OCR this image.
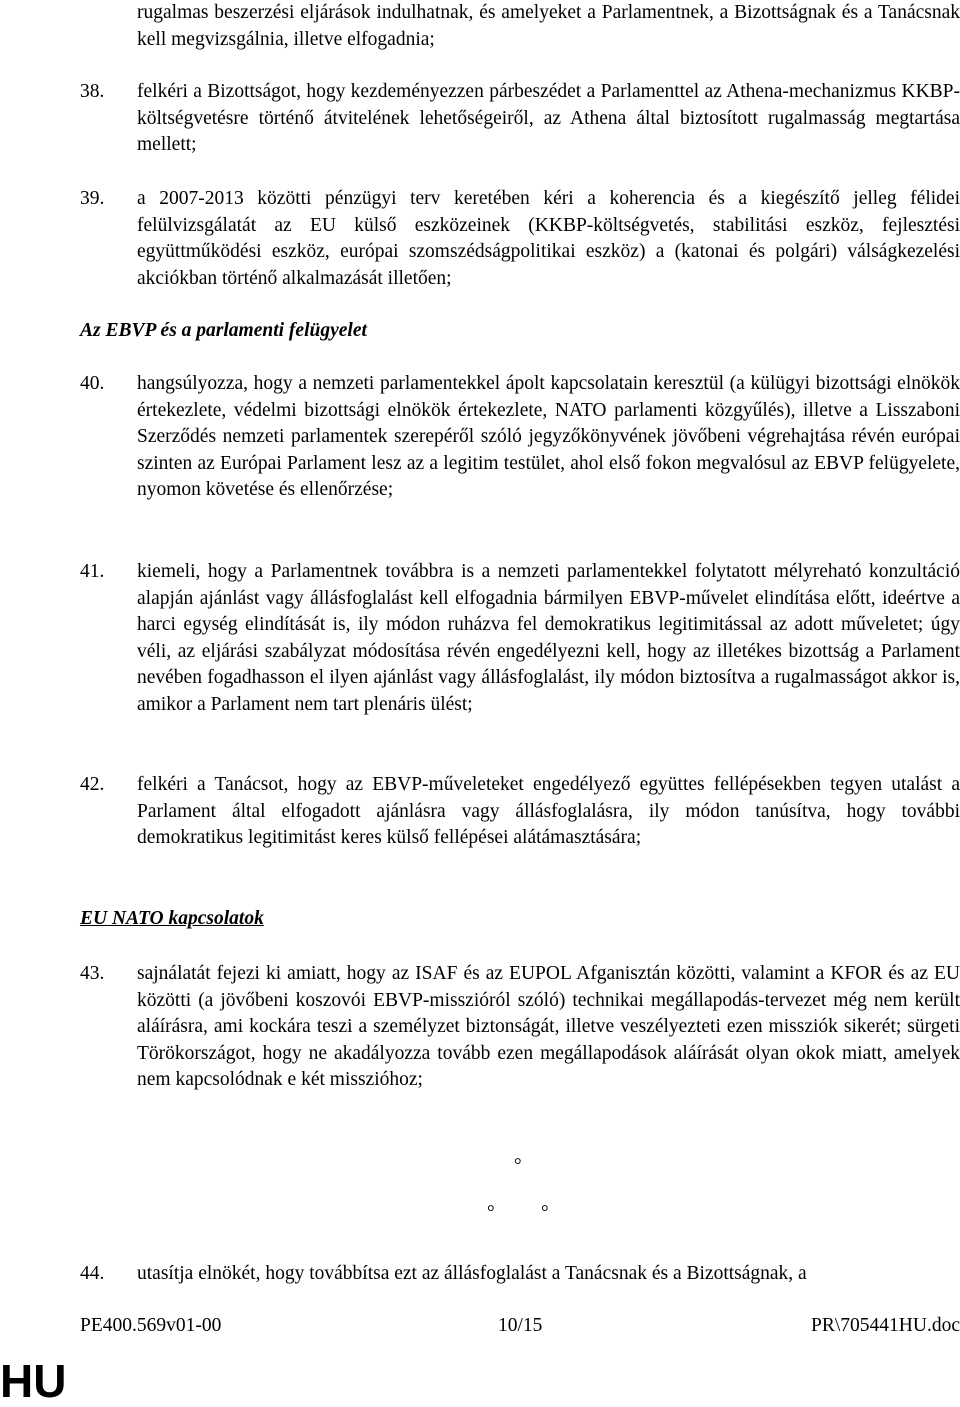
rugalmas beszerzési eljárások indulhatnak, és amelyeket a Parlamentnek, a Bizottságnak és a Tanácsnak kell megvizsgálnia, illetve elfogadnia;
38.	felkéri a Bizottságot, hogy kezdeményezzen párbeszédet a Parlamenttel az Athena-mechanizmus KKBP-költségvetésre történő átvitelének lehetőségeiről, az Athena által biztosított rugalmasság megtartása mellett;
39.	a 2007-2013 közötti pénzügyi terv keretében kéri a koherencia és a kiegészítő jelleg félidei felülvizsgálatát az EU külső eszközeinek (KKBP-költségvetés, stabilitási eszköz, fejlesztési együttműködési eszköz, európai szomszédságpolitikai eszköz) a (katonai és polgári) válságkezelési akciókban történő alkalmazását illetően;
Az EBVP és a parlamenti felügyelet
40.	hangsúlyozza, hogy a nemzeti parlamentekkel ápolt kapcsolatain keresztül (a külügyi bizottsági elnökök értekezlete, védelmi bizottsági elnökök értekezlete, NATO parlamenti közgyűlés), illetve a Lisszaboni Szerződés nemzeti parlamentek szerepéről szóló jegyzőkönyvének jövőbeni végrehajtása révén európai szinten az Európai Parlament lesz az a legitim testület, ahol első fokon megvalósul az EBVP felügyelete, nyomon követése és ellenőrzése;
41.	kiemeli, hogy a Parlamentnek továbbra is a nemzeti parlamentekkel folytatott mélyreható konzultáció alapján ajánlást vagy állásfoglalást kell elfogadnia bármilyen EBVP-művelet elindítása előtt, ideértve a harci egység elindítását is, ily módon ruházva fel demokratikus legitimitással az adott műveletet; úgy véli, az eljárási szabályzat módosítása révén engedélyezni kell, hogy az illetékes bizottság a Parlament nevében fogadhasson el ilyen ajánlást vagy állásfoglalást, ily módon biztosítva a rugalmasságot akkor is, amikor a Parlament nem tart plenáris ülést;
42.	felkéri a Tanácsot, hogy az EBVP-műveleteket engedélyező együttes fellépésekben tegyen utalást a Parlament által elfogadott ajánlásra vagy állásfoglalásra, ily módon tanúsítva, hogy további demokratikus legitimitást keres külső fellépései alátámasztására;
EU NATO kapcsolatok
43.	sajnálatát fejezi ki amiatt, hogy az ISAF és az EUPOL Afganisztán közötti, valamint a KFOR és az EU közötti (a jövőbeni koszovói EBVP-misszióról szóló) technikai megállapodás-tervezet még nem került aláírásra, ami kockára teszi a személyzet biztonságát, illetve veszélyezteti ezen missziók sikerét; sürgeti Törökországot, hogy ne akadályozza tovább ezen megállapodások aláírását olyan okok miatt, amelyek nem kapcsolódnak e két misszióhoz;
°
° °
44.	utasítja elnökét, hogy továbbítsa ezt az állásfoglalást a Tanácsnak és a Bizottságnak, a
PE400.569v01-00	10/15	PR\705441HU.doc
HU
